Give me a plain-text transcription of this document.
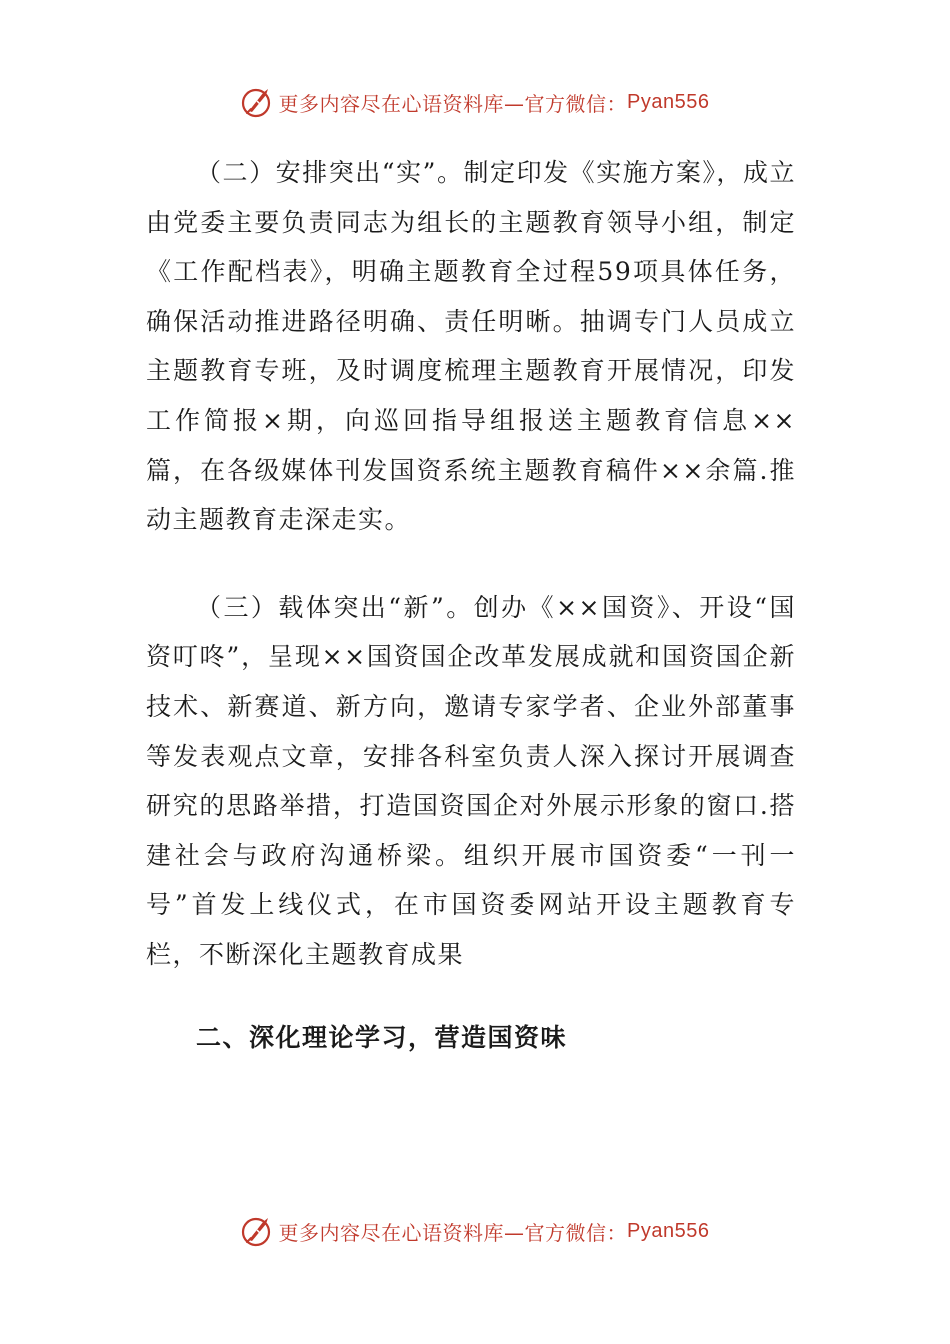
更多内容尽在心语资料库—官方微信： Pyan556

（二）安排突出“实”。制定印发《实施方案》，成立由党委主要负责同志为组长的主题教育领导小组，制定《工作配档表》，明确主题教育全过程59项具体任务，确保活动推进路径明确、责任明晰。抽调专门人员成立主题教育专班，及时调度梳理主题教育开展情况，印发工作简报×期，向巡回指导组报送主题教育信息××篇，在各级媒体刊发国资系统主题教育稿件××余篇.推动主题教育走深走实。

（三）载体突出“新”。创办《××国资》、开设“国资叮咚”，呈现××国资国企改革发展成就和国资国企新技术、新赛道、新方向，邀请专家学者、企业外部董事等发表观点文章，安排各科室负责人深入探讨开展调查研究的思路举措，打造国资国企对外展示形象的窗口.搭建社会与政府沟通桥梁。组织开展市国资委“一刊一号”首发上线仪式，在市国资委网站开设主题教育专栏，不断深化主题教育成果

二、深化理论学习，营造国资味
更多内容尽在心语资料库—官方微信： Pyan556
